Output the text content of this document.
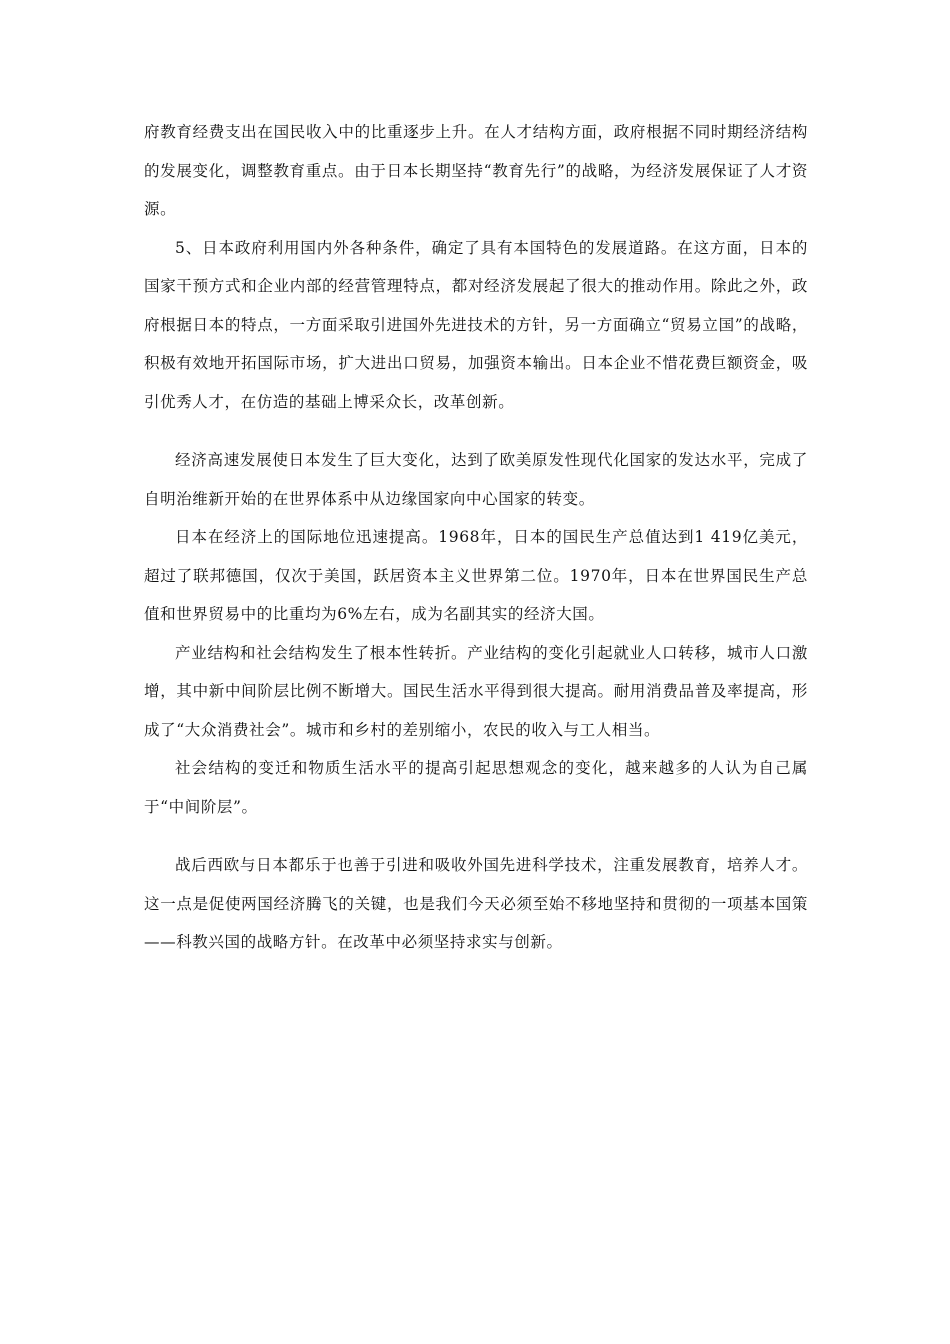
府教育经费支出在国民收入中的比重逐步上升。在人才结构方面，政府根据不同时期经济结构的发展变化，调整教育重点。由于日本长期坚持“教育先行”的战略，为经济发展保证了人才资源。

5、日本政府利用国内外各种条件，确定了具有本国特色的发展道路。在这方面，日本的国家干预方式和企业内部的经营管理特点，都对经济发展起了很大的推动作用。除此之外，政府根据日本的特点，一方面采取引进国外先进技术的方针，另一方面确立“贸易立国”的战略，积极有效地开拓国际市场，扩大进出口贸易，加强资本输出。日本企业不惜花费巨额资金，吸引优秀人才，在仿造的基础上博采众长，改革创新。

经济高速发展使日本发生了巨大变化，达到了欧美原发性现代化国家的发达水平，完成了自明治维新开始的在世界体系中从边缘国家向中心国家的转变。

日本在经济上的国际地位迅速提高。1968年，日本的国民生产总值达到1 419亿美元，超过了联邦德国，仅次于美国，跃居资本主义世界第二位。1970年，日本在世界国民生产总值和世界贸易中的比重均为6%左右，成为名副其实的经济大国。

产业结构和社会结构发生了根本性转折。产业结构的变化引起就业人口转移，城市人口激增，其中新中间阶层比例不断增大。国民生活水平得到很大提高。耐用消费品普及率提高，形成了“大众消费社会”。城市和乡村的差别缩小，农民的收入与工人相当。

社会结构的变迁和物质生活水平的提高引起思想观念的变化，越来越多的人认为自己属于“中间阶层”。

战后西欧与日本都乐于也善于引进和吸收外国先进科学技术，注重发展教育，培养人才。这一点是促使两国经济腾飞的关键，也是我们今天必须至始不移地坚持和贯彻的一项基本国策——科教兴国的战略方针。在改革中必须坚持求实与创新。
